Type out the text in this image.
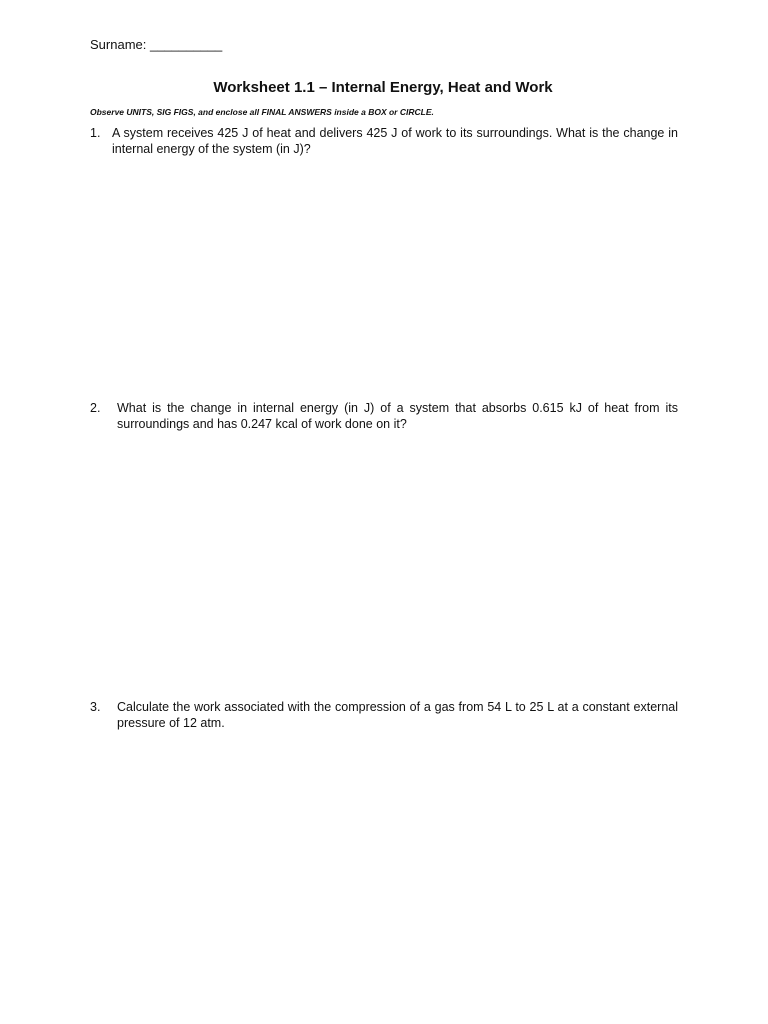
Surname: __________
Worksheet 1.1 – Internal Energy, Heat and Work
Observe UNITS, SIG FIGS, and enclose all FINAL ANSWERS inside a BOX or CIRCLE.
1. A system receives 425 J of heat and delivers 425 J of work to its surroundings. What is the change in internal energy of the system (in J)?
2. What is the change in internal energy (in J) of a system that absorbs 0.615 kJ of heat from its surroundings and has 0.247 kcal of work done on it?
3. Calculate the work associated with the compression of a gas from 54 L to 25 L at a constant external pressure of 12 atm.
